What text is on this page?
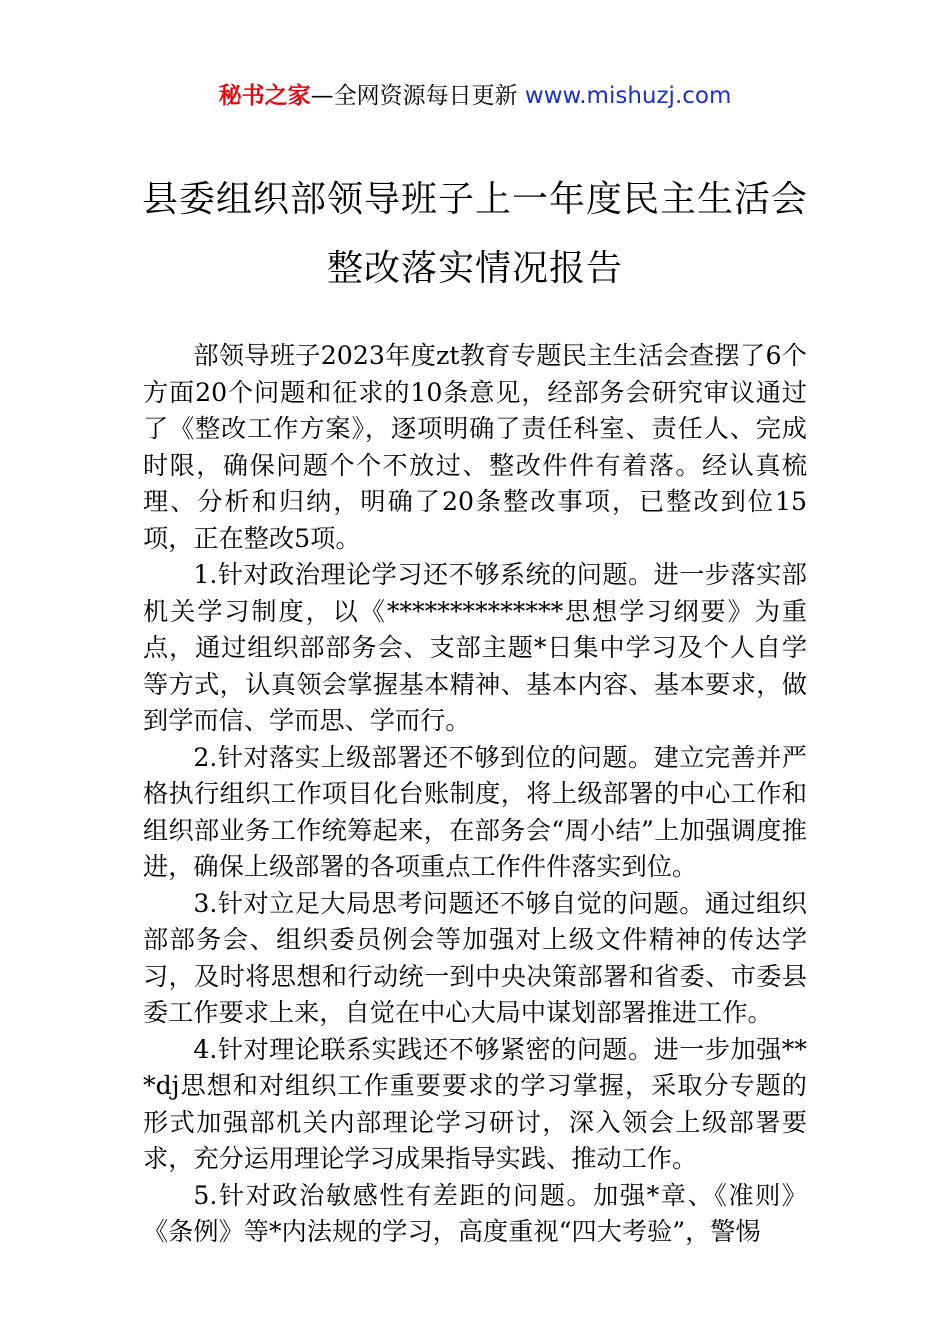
秘书之家—全网资源每日更新 www.mishuzj.com
县委组织部领导班子上一年度民主生活会
整改落实情况报告

部领导班子2023年度zt教育专题民主生活会查摆了6个方面20个问题和征求的10条意见，经部务会研究审议通过了《整改工作方案》，逐项明确了责任科室、责任人、完成时限，确保问题个个不放过、整改件件有着落。经认真梳理、分析和归纳，明确了20条整改事项，已整改到位15项，正在整改5项。

1.针对政治理论学习还不够系统的问题。进一步落实部机关学习制度，以《**************思想学习纲要》为重点，通过组织部部务会、支部主题*日集中学习及个人自学等方式，认真领会掌握基本精神、基本内容、基本要求，做到学而信、学而思、学而行。

2.针对落实上级部署还不够到位的问题。建立完善并严格执行组织工作项目化台账制度，将上级部署的中心工作和组织部业务工作统筹起来，在部务会“周小结”上加强调度推进，确保上级部署的各项重点工作件件落实到位。

3.针对立足大局思考问题还不够自觉的问题。通过组织部部务会、组织委员例会等加强对上级文件精神的传达学习，及时将思想和行动统一到中央决策部署和省委、市委县委工作要求上来，自觉在中心大局中谋划部署推进工作。

4.针对理论联系实践还不够紧密的问题。进一步加强***dj思想和对组织工作重要要求的学习掌握，采取分专题的形式加强部机关内部理论学习研讨，深入领会上级部署要求，充分运用理论学习成果指导实践、推动工作。

5.针对政治敏感性有差距的问题。加强*章、《准则》《条例》等*内法规的学习，高度重视“四大考验”，警惕
